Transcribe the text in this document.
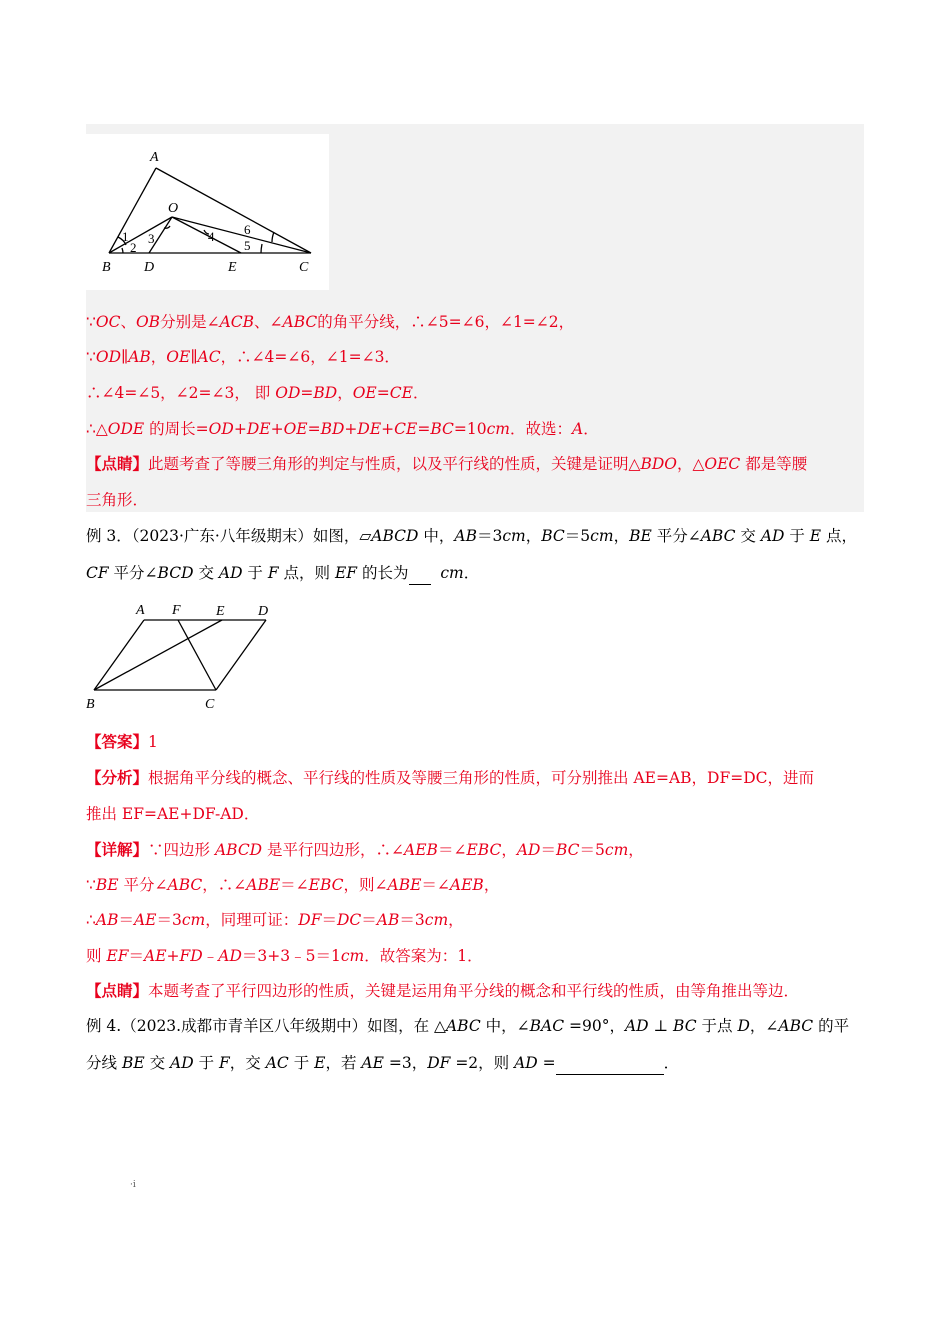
A
O
B D	E	C
1
2
3	4
5
6
∵OC、OB分别是∠ACB、∠ABC的角平分线，∴∠5=∠6，∠1=∠2，
∵OD∥AB，OE∥AC，∴∠4=∠6，∠1=∠3．
∴∠4=∠5，∠2=∠3， 即 OD=BD，OE=CE．
∴△ODE 的周长=OD+DE+OE=BD+DE+CE=BC=10cm．故选：A．
【点睛】此题考查了等腰三角形的判定与性质，以及平行线的性质，关键是证明△BDO，△OEC 都是等腰
三角形．
例 3．（2023·广东·八年级期末）如图，▱ABCD 中，AB＝3cm，BC＝5cm，BE 平分∠ABC 交 AD 于 E 点，
CF 平分∠BCD 交 AD 于 F 点，则 EF 的长为 cm．
A F	E D
B	C
【答案】1
【分析】根据角平分线的概念、平行线的性质及等腰三角形的性质，可分别推出 AE=AB，DF=DC，进而
推出 EF=AE+DF-AD．
【详解】∵四边形 ABCD 是平行四边形，∴∠AEB＝∠EBC，AD＝BC＝5cm，
∵BE 平分∠ABC，∴∠ABE＝∠EBC，则∠ABE＝∠AEB，
∴AB＝AE＝3cm，同理可证：DF＝DC＝AB＝3cm，
则 EF＝AE+FD﹣AD＝3+3﹣5＝1cm．故答案为：1．
【点睛】本题考查了平行四边形的性质，关键是运用角平分线的概念和平行线的性质，由等角推出等边．
例 4.（2023.成都市青羊区八年级期中）如图，在 △ABC 中，∠BAC =90°，AD ⊥ BC 于点 D，∠ABC 的平
分线 BE 交 AD 于 F，交 AC 于 E，若 AE =3，DF =2，则 AD =	．
·i
